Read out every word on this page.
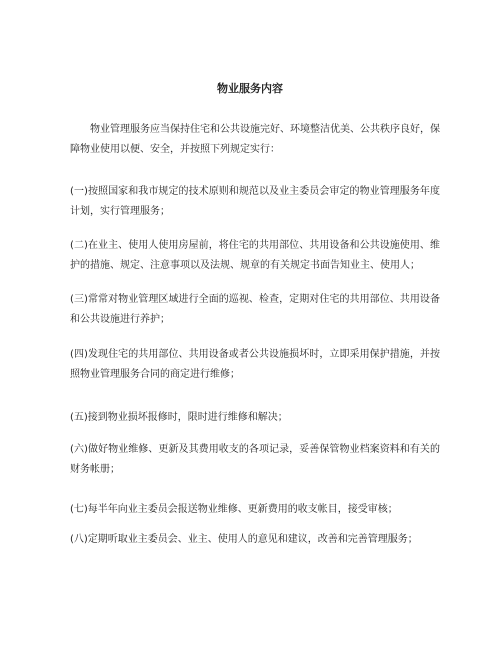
物业服务内容
物业管理服务应当保持住宅和公共设施完好、环境整洁优美、公共秩序良好，保障物业使用以便、安全，并按照下列规定实行：
(一)按照国家和我市规定的技术原则和规范以及业主委员会审定的物业管理服务年度计划，实行管理服务；
(二)在业主、使用人使用房屋前，将住宅的共用部位、共用设备和公共设施使用、维护的措施、规定、注意事项以及法规、规章的有关规定书面告知业主、使用人；
(三)常常对物业管理区域进行全面的巡视、检查，定期对住宅的共用部位、共用设备和公共设施进行养护；
(四)发现住宅的共用部位、共用设备或者公共设施损坏时，立即采用保护措施，并按照物业管理服务合同的商定进行维修；
(五)接到物业损坏报修时，限时进行维修和解决；
(六)做好物业维修、更新及其费用收支的各项记录，妥善保管物业档案资料和有关的财务帐册；
(七)每半年向业主委员会报送物业维修、更新费用的收支帐目，接受审核；
(八)定期听取业主委员会、业主、使用人的意见和建议，改善和完善管理服务；
